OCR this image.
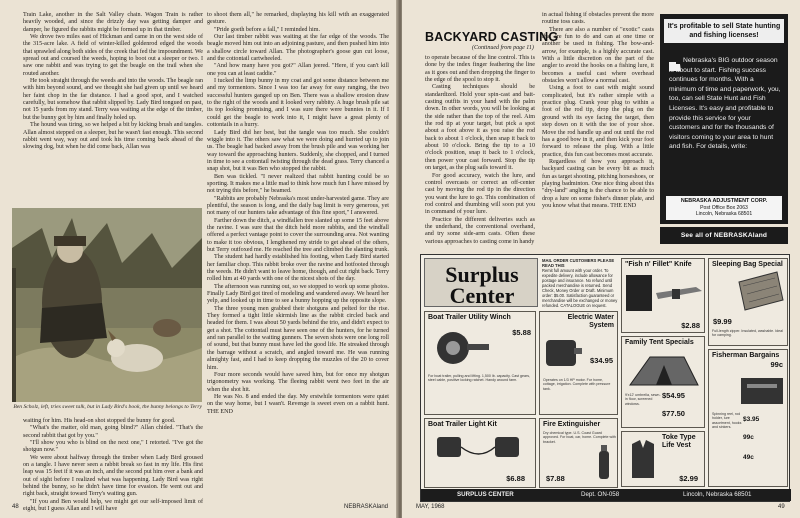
Train Lake, another in the Salt Valley chain. Wagon Train is rather heavily wooded, and since the drizzly day was getting damper and damper, he figured the rabbits might be formed up in that timber.

We drove two miles east of Hickman and came in on the west side of the 315-acre lake. A field of winter-killed goldenrod edged the woods that sprawled along both sides of the creek that fed the impoundment. We spread out and coursed the weeds, hoping to boot out a sleeper or two. I saw one rabbit and was trying to get the beagle on the trail when she routed another.

He took straight through the weeds and into the woods. The beagle ran with him beyond sound, and we thought she had given up until we heard her faint chop in the far distance. I had a good spot, and I watched carefully, but somehow that rabbit slipped by. Lady Bird tongued on past, not 15 yards from my stand. Terry was waiting at the edge of the timber, but the bunny got by him and finally holed up.

The hound was tiring, so we helped a bit by kicking brush and tangles. Allan almost stepped on a sleeper, but he wasn't fast enough. This second rabbit went way, way out and took his time coming back ahead of the slowing dog, but when he did come back, Allan was

Ben Scholz, left, tries sweet talk, but in Lady Bird's book, the bunny belongs to Terry

waiting for him. His head-on shot stopped the bunny for good.

"What's the matter, old man, going blind?" Allan chided. "That's the second rabbit that got by you."

"I'll show you who is blind on the next one," I retorted. "I've got the shotgun now."

We were about halfway through the timber when Lady Bird groused on a tangle. I have never seen a rabbit break so fast in my life. His first leap was 15 feet if it was an inch, and the second put him over a bank and out of sight before I realized what was happening. Lady Bird was right behind the bunny, so he didn't have time for evasion. He went out and right back, straight toward Terry's waiting gun.

"If you and Ben would help, we might get our self-imposed limit of eight, but I guess Allan and I will have

to shoot them all," he remarked, displaying his kill with an exaggerated gesture.

"Pride goeth before a fall," I reminded him.

Our last timber rabbit was waiting at the far edge of the woods. The beagle moved him out into an adjoining pasture, and then pushed him into a shallow circle toward Allan. The photographer's goose gun cut loose, and the cottontail cartwheeled.

"And how many have you got?" Allan jeered. "Here, if you can't kill one you can at least caddie."

I tucked the limp bunny in my coat and got some distance between me and my tormentors. Since I was too far away for easy ranging, the two successful hunters ganged up on Ben. There was a shallow erosion draw to the right of the woods and it looked very rabbity. A huge brush pile sat its top looking promising, and I was sure there were bunnies in it. If I could get the beagle to work into it, I might have a great plenty of cottontails in a hurry.

Lady Bird did her best, but the tangle was too much. She couldn't wiggle into it. The others saw what we were doing and hurried up to join us. The beagle had backed away from the brush pile and was working her way toward the approaching hunters. Suddenly, she chopped, and I turned in time to see a cottontail twisting through the dead grass. Terry chanced a snap shot, but it was Ben who stopped the rabbit.

Ben was tickled. "I never realized that rabbit hunting could be so sporting. It makes me a little mad to think how much fun I have missed by not trying this before," he beamed.

"Rabbits are probably Nebraska's most under-harvested game. They are plentiful, the season is long, and the daily bag limit is very generous, yet not many of our hunters take advantage of this fine sport," I answered.

Farther down the ditch, a windfallen tree slanted up some 15 feet above the ravine. I was sure that the ditch held more rabbits, and the windfall offered a perfect vantage point to cover the surrounding area. Not wanting to make it too obvious, I lengthened my stride to get ahead of the others, but Terry outfoxed me. He reached the tree and climbed the slanting trunk.

The student had hardly established his footing, when Lady Bird started her familiar chop. This rabbit broke over the ravine and hotfooted through the weeds. He didn't want to leave home, though, and cut right back. Terry rolled him at 40 yards with one of the nicest shots of the day.

The afternoon was running out, so we stopped to work up some photos. Finally Lady Bird got tired of modeling and wandered away. We heard her yelp, and looked up in time to see a bunny hopping up the opposite slope.

The three young men grabbed their shotguns and pelted for the rise. They formed a tight little skirmish line as the rabbit circled back and headed for them. I was about 50 yards behind the trio, and didn't expect to get a shot. The cottontail must have seen one of the hunters, for he turned and ran parallel to the waiting gunners. The seven shots were one long roll of sound, but that bunny must have led the good life. He streaked through the barrage without a scratch, and angled toward me. He was running almighty fast, and I had to keep dropping the muzzles of the 20 to cover him.

Four more seconds would have saved him, but for once my shotgun trigonometry was working. The fleeing rabbit went two feet in the air when the shot hit.

He was No. 8 and ended the day. My erstwhile tormentors were quiet on the way home, but I wasn't. Revenge is sweet even on a rabbit hunt. THE END

48	NEBRASKAland
BACKYARD CASTING
(Continued from page 11)

to operate because of the line control. This is done by the index finger feathering the line as it goes out and then dropping the finger to the edge of the spool to stop it.

Casting techniques should be standardized. Hold your spin-cast and bait-casting outfits in your hand with the palm down. In other words, you will be looking at the side rather than the top of the reel. Aim the rod tip at your target, but pick a spot about a foot above it as you raise the rod back to about 1 o'clock, then snap it back to about 10 o'clock. Bring the tip to a 10 o'clock position, snap it back to 1 o'clock, then power your cast forward. Stop the tip on target, as the plug sails toward it.

For good accuracy, watch the lure, and control overcasts or correct an off-center cast by moving the rod tip in the direction you want the lure to go. This combination of rod control and thumbing will soon put you in command of your lure.

Practice the different deliveries such as the underhand, the conventional overhand, and try some side-arm casts. Often these various approaches to casting come in handy

in actual fishing if obstacles prevent the more routine toss casts.

There are also a number of "exotic" casts that are fun to do and can at one time or another be used in fishing. The bow-and-arrow, for example, is a highly accurate cast. With a little discretion on the part of the angler to avoid the hooks on a fishing lure, it becomes a useful cast where overhead obstacles won't allow a normal cast.

Using a foot to cast with might sound complicated, but it's rather simple with a practice plug. Crank your plug to within a foot of the rod tip, drop the plug on the ground with its eye facing the target, then step down on it with the toe of your shoe. Move the rod handle up and out until the rod has a good bow in it, and then kick your foot forward to release the plug. With a little practice, this fun cast becomes most accurate.

Regardless of how you approach it, backyard casting can be every bit as much fun as target shooting, pitching horseshoes, or playing badminton. One nice thing about this "dry-land" angling is the chance to be able to drop a lure on some fisher's dinner plate, and you know what that means. THE END

It's profitable to sell State hunting and fishing licenses!
Nebraska's BIG outdoor season is about to start. Fishing success continues for months. With a minimum of time and paperwork, you, too, can sell State Hunt and Fish Licenses. It's easy and profitable to provide this service for your customers and for the thousands of visitors coming to your area to hunt and fish. For details, write:
NEBRASKA ADJUSTMENT CORP.
Post Office Box 2063
Lincoln, Nebraska 68501
See all of NEBRASKAland
Surplus
Center
MAIL ORDER CUSTOMERS PLEASE READ THIS
Remit full amount with your order. To expedite delivery, include allowance for postage and insurance. No refund until packed merchandise is returned. Send Check, Money Order or Draft. Minimum order: $5.00. Satisfaction guaranteed or merchandise will be exchanged or money refunded. CATALOGUE on request.
"Fish n' Fillet" Knife
$2.88
Sleeping Bag Special
$9.99
Full-length zipper. Insulated, washable. Ideal for camping.
Boat Trailer Utility Winch
$5.88
For boat trailer, pulling and lifting. 1,500 lb. capacity. Cast gears, steel cable, positive locking ratchet. Handy around farm.
Electric Water System
$34.95
Operates on 1/3 HP motor. For home, cottage, irrigation. Complete with pressure tank.
Family Tent Specials
$54.95
$77.50
9'x12' umbrella, sewn-in floor, screened windows.
Fisherman Bargains
99c
$3.95
99c
49c
Spinning reel, rod holder, lure assortment, hooks and sinkers.
Boat Trailer Light Kit
$6.88
Fire Extinguisher
Dry chemical type. U.S. Coast Guard approved. For boat, car, home. Complete with bracket.
$7.88
Toke Type Life Vest
$2.99
SURPLUS CENTER	Dept. ON-058	Lincoln, Nebraska 68501
MAY, 1968	49
